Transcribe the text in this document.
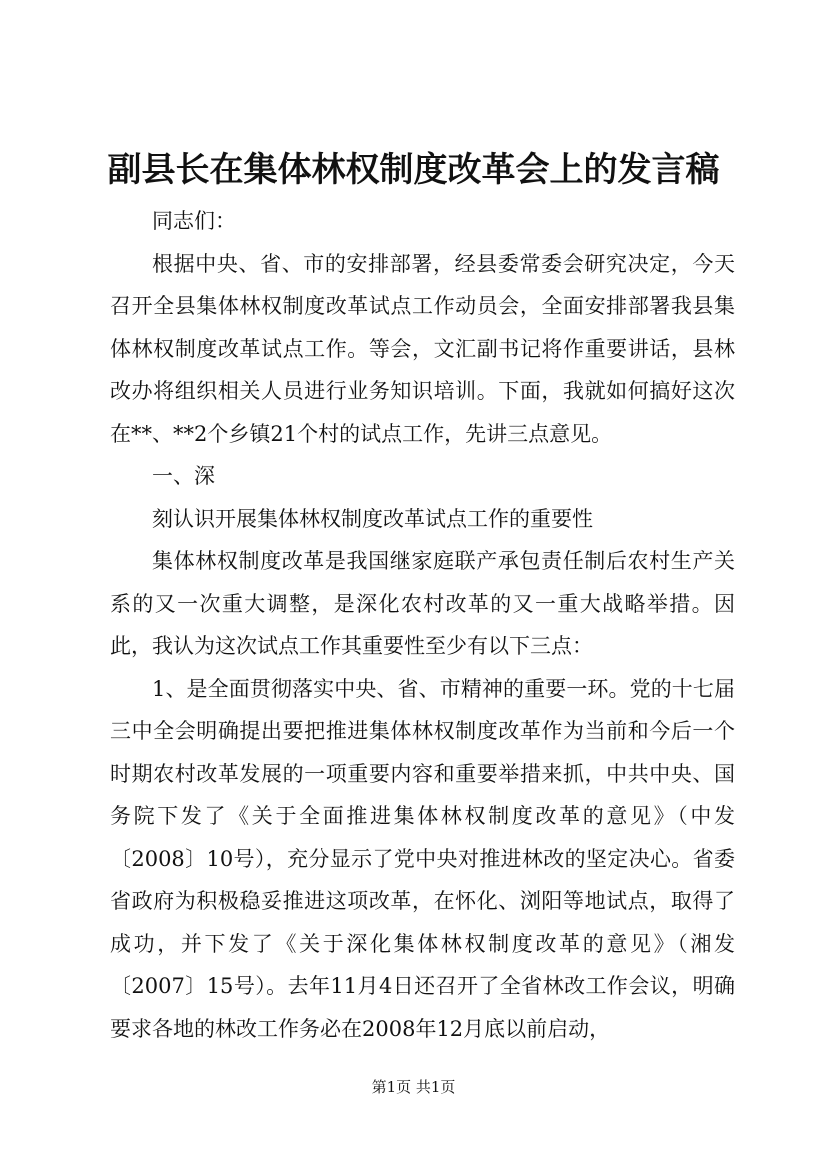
副县长在集体林权制度改革会上的发言稿

同志们：

根据中央、省、市的安排部署，经县委常委会研究决定，今天召开全县集体林权制度改革试点工作动员会，全面安排部署我县集体林权制度改革试点工作。等会，文汇副书记将作重要讲话，县林改办将组织相关人员进行业务知识培训。下面，我就如何搞好这次在**、**2个乡镇21个村的试点工作，先讲三点意见。

一、深

刻认识开展集体林权制度改革试点工作的重要性

集体林权制度改革是我国继家庭联产承包责任制后农村生产关系的又一次重大调整，是深化农村改革的又一重大战略举措。因此，我认为这次试点工作其重要性至少有以下三点：

1、是全面贯彻落实中央、省、市精神的重要一环。党的十七届三中全会明确提出要把推进集体林权制度改革作为当前和今后一个时期农村改革发展的一项重要内容和重要举措来抓，中共中央、国务院下发了《关于全面推进集体林权制度改革的意见》（中发〔2008〕10号），充分显示了党中央对推进林改的坚定决心。省委省政府为积极稳妥推进这项改革，在怀化、浏阳等地试点，取得了成功，并下发了《关于深化集体林权制度改革的意见》（湘发〔2007〕15号）。去年11月4日还召开了全省林改工作会议，明确要求各地的林改工作务必在2008年12月底以前启动，

第1页 共1页
